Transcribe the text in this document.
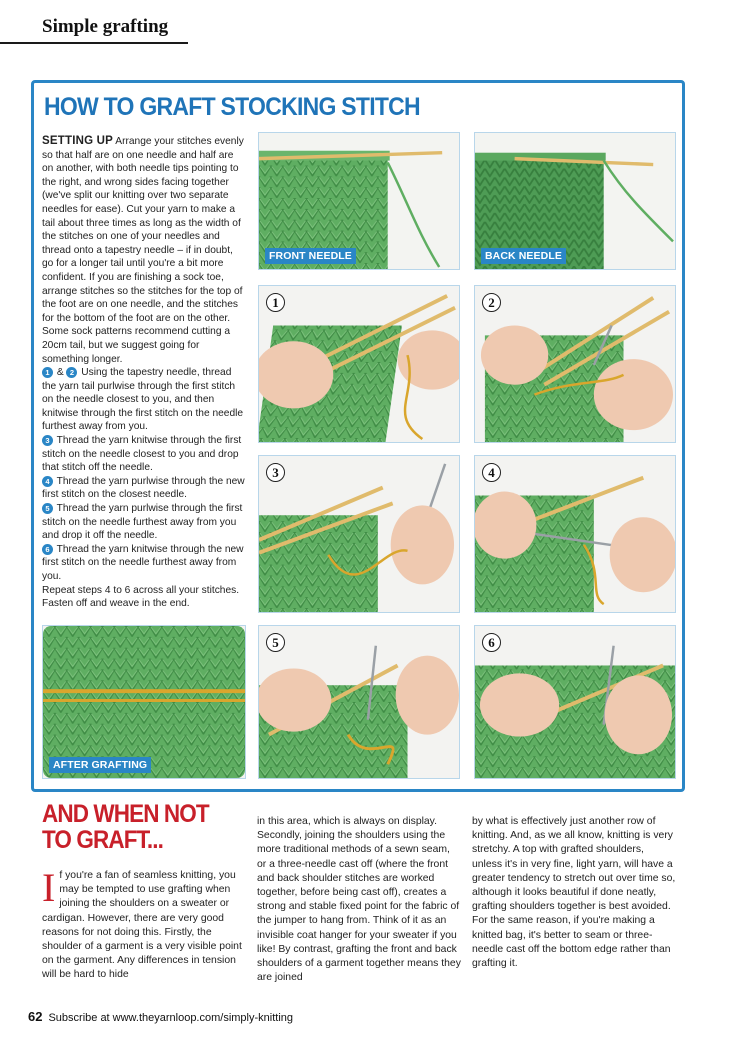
Simple grafting
HOW TO GRAFT STOCKING STITCH

SETTING UP Arrange your stitches evenly so that half are on one needle and half are on another, with both needle tips pointing to the right, and wrong sides facing together (we've split our knitting over two separate needles for ease). Cut your yarn to make a tail about three times as long as the width of the stitches on one of your needles and thread onto a tapestry needle – if in doubt, go for a longer tail until you're a bit more confident. If you are finishing a sock toe, arrange stitches so the stitches for the top of the foot are on one needle, and the stitches for the bottom of the foot are on the other. Some sock patterns recommend cutting a 20cm tail, but we suggest going for something longer.

1 & 2 Using the tapestry needle, thread the yarn tail purlwise through the first stitch on the needle closest to you, and then knitwise through the first stitch on the needle furthest away from you.

3 Thread the yarn knitwise through the first stitch on the needle closest to you and drop that stitch off the needle.

4 Thread the yarn purlwise through the new first stitch on the closest needle.

5 Thread the yarn purlwise through the first stitch on the needle furthest away from you and drop it off the needle.

6 Thread the yarn knitwise through the new first stitch on the needle furthest away from you.

Repeat steps 4 to 6 across all your stitches. Fasten off and weave in the end.

FRONT NEEDLE	BACK NEEDLE
1	2
3	4
AFTER GRAFTING
5	6
AND WHEN NOT
TO GRAFT...
If you're a fan of seamless knitting, you may be tempted to use grafting when joining the shoulders on a sweater or cardigan. However, there are very good reasons for not doing this. Firstly, the shoulder of a garment is a very visible point on the garment. Any differences in tension will be hard to hide
in this area, which is always on display. Secondly, joining the shoulders using the more traditional methods of a sewn seam, or a three-needle cast off (where the front and back shoulder stitches are worked together, before being cast off), creates a strong and stable fixed point for the fabric of the jumper to hang from. Think of it as an invisible coat hanger for your sweater if you like! By contrast, grafting the front and back shoulders of a garment together means they are joined
by what is effectively just another row of knitting. And, as we all know, knitting is very stretchy. A top with grafted shoulders, unless it's in very fine, light yarn, will have a greater tendency to stretch out over time so, although it looks beautiful if done neatly, grafting shoulders together is best avoided. For the same reason, if you're making a knitted bag, it's better to seam or three-needle cast off the bottom edge rather than grafting it.
62 Subscribe at www.theyarnloop.com/simply-knitting
